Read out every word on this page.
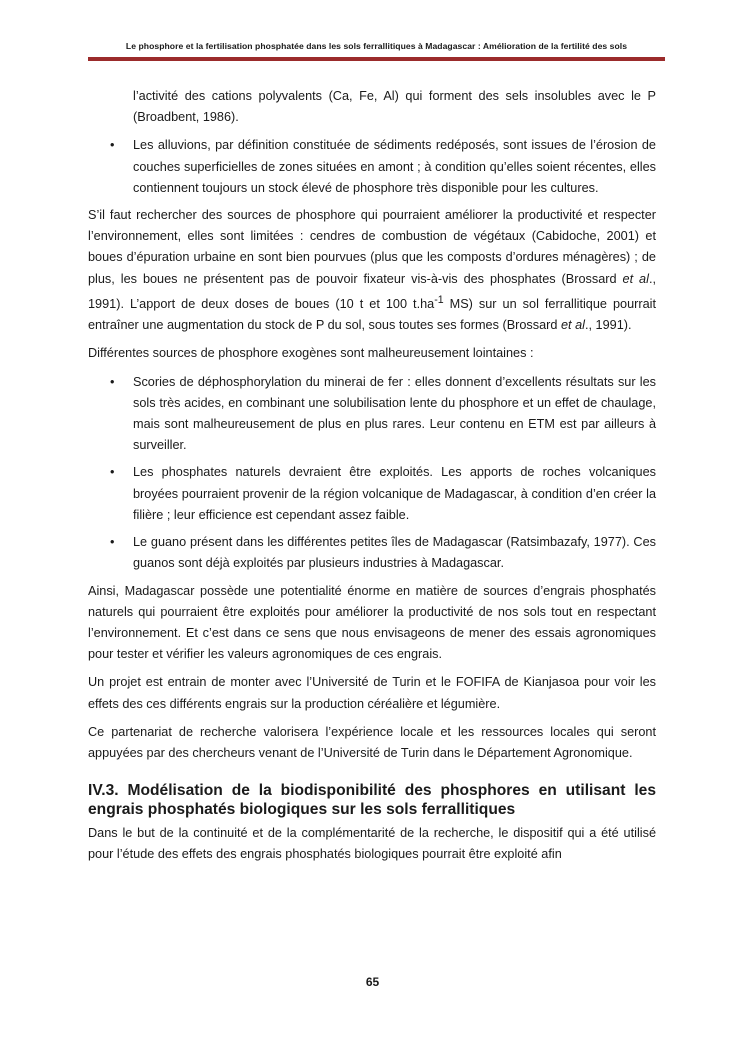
Le phosphore et la fertilisation phosphatée dans les sols ferrallitiques à Madagascar : Amélioration de la fertilité des sols

l’activité des cations polyvalents (Ca, Fe, Al) qui forment des sels insolubles avec le P (Broadbent, 1986).

• Les alluvions, par définition constituée de sédiments redéposés, sont issues de l’érosion de couches superficielles de zones situées en amont ; à condition qu’elles soient récentes, elles contiennent toujours un stock élevé de phosphore très disponible pour les cultures.

S’il faut rechercher des sources de phosphore qui pourraient améliorer la productivité et respecter l’environnement, elles sont limitées : cendres de combustion de végétaux (Cabidoche, 2001) et boues d’épuration urbaine en sont bien pourvues (plus que les composts d’ordures ménagères) ; de plus, les boues ne présentent pas de pouvoir fixateur vis-à-vis des phosphates (Brossard et al., 1991). L’apport de deux doses de boues (10 t et 100 $t.ha^{-1}$ MS) sur un sol ferrallitique pourrait entraîner une augmentation du stock de P du sol, sous toutes ses formes (Brossard et al., 1991).

Différentes sources de phosphore exogènes sont malheureusement lointaines :

• Scories de déphosphorylation du minerai de fer : elles donnent d’excellents résultats sur les sols très acides, en combinant une solubilisation lente du phosphore et un effet de chaulage, mais sont malheureusement de plus en plus rares. Leur contenu en ETM est par ailleurs à surveiller.
• Les phosphates naturels devraient être exploités. Les apports de roches volcaniques broyées pourraient provenir de la région volcanique de Madagascar, à condition d’en créer la filière ; leur efficience est cependant assez faible.
• Le guano présent dans les différentes petites îles de Madagascar (Ratsimbazafy, 1977). Ces guanos sont déjà exploités par plusieurs industries à Madagascar.

Ainsi, Madagascar possède une potentialité énorme en matière de sources d’engrais phosphatés naturels qui pourraient être exploités pour améliorer la productivité de nos sols tout en respectant l’environnement. Et c’est dans ce sens que nous envisageons de mener des essais agronomiques pour tester et vérifier les valeurs agronomiques de ces engrais.

Un projet est entrain de monter avec l’Université de Turin et le FOFIFA de Kianjasoa pour voir les effets des ces différents engrais sur la production céréalière et légumière.

Ce partenariat de recherche valorisera l’expérience locale et les ressources locales qui seront appuyées par des chercheurs venant de l’Université de Turin dans le Département Agronomique.

IV.3. Modélisation de la biodisponibilité des phosphores en utilisant les engrais phosphatés biologiques sur les sols ferrallitiques

Dans le but de la continuité et de la complémentarité de la recherche, le dispositif qui a été utilisé pour l’étude des effets des engrais phosphatés biologiques pourrait être exploité afin

65
